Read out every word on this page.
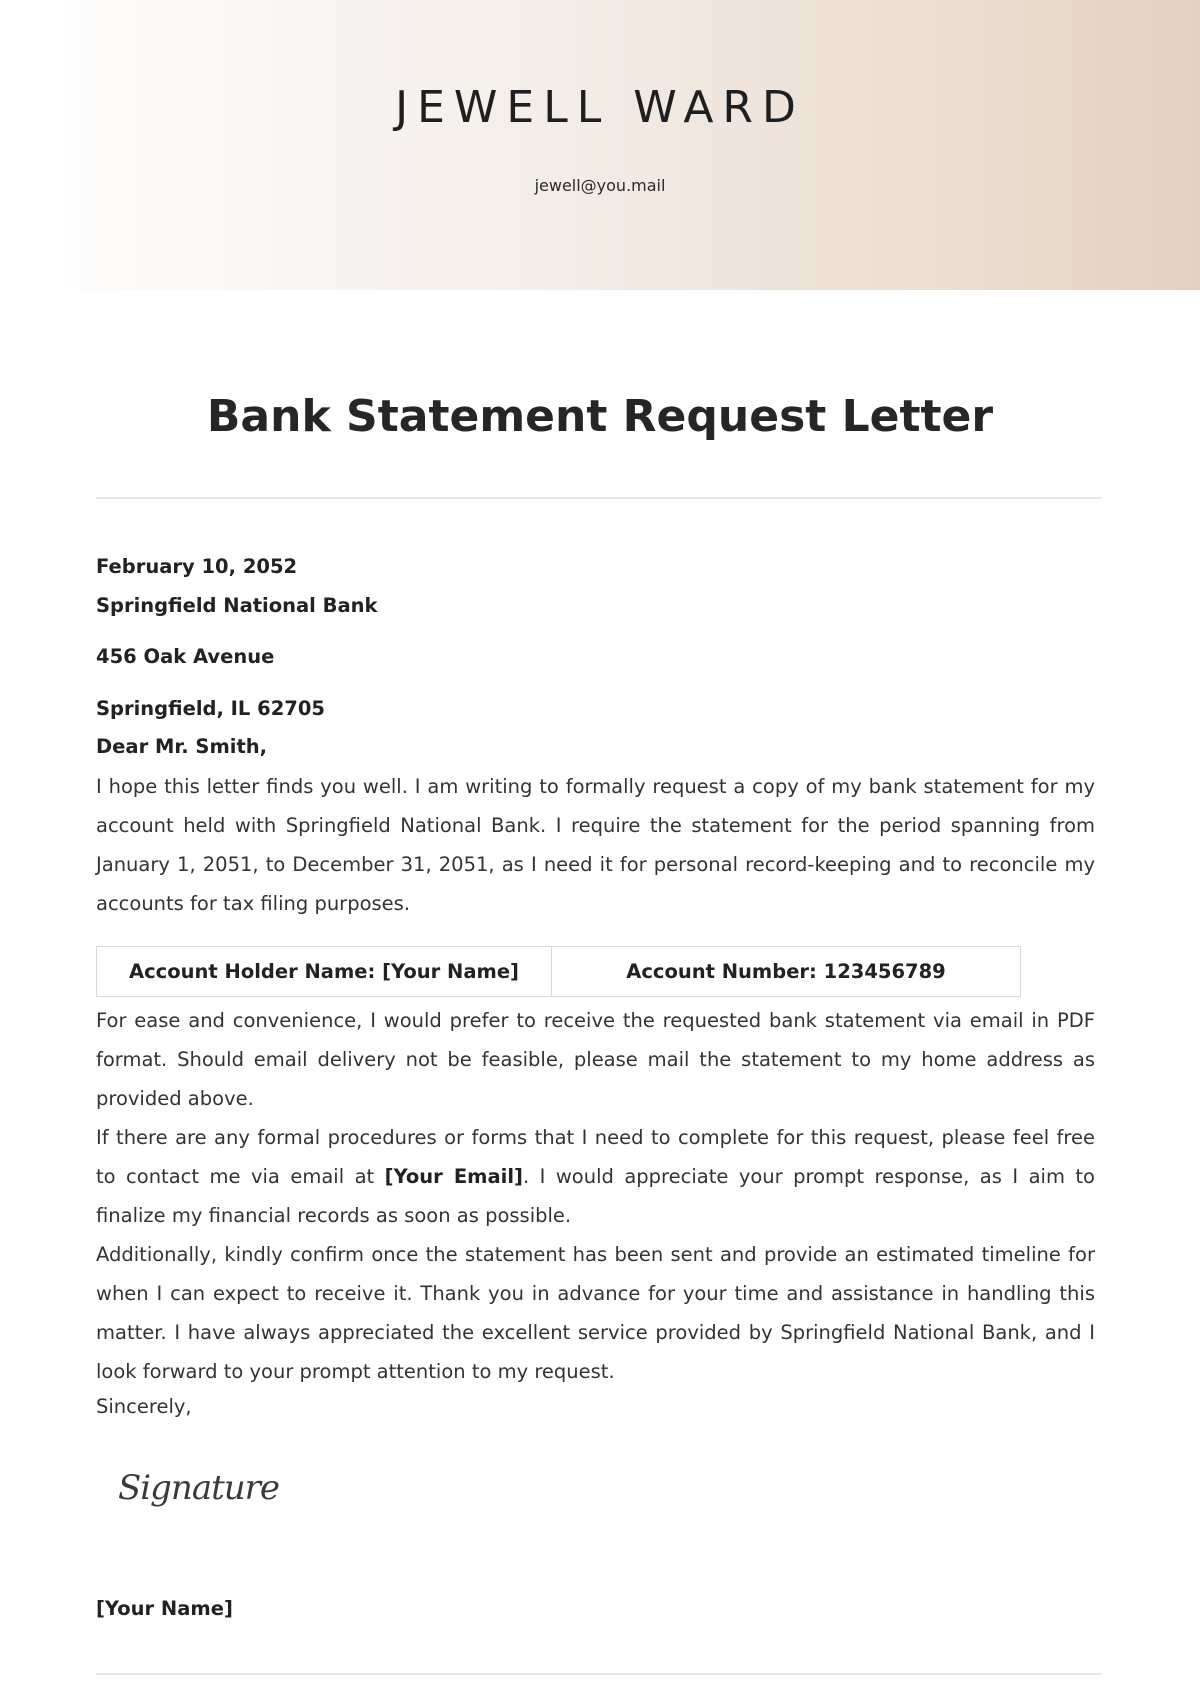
JEWELL WARD
jewell@you.mail
Bank Statement Request Letter
February 10, 2052
Springfield National Bank
456 Oak Avenue
Springfield, IL 62705
Dear Mr. Smith,

I hope this letter finds you well. I am writing to formally request a copy of my bank statement for my account held with Springfield National Bank. I require the statement for the period spanning from January 1, 2051, to December 31, 2051, as I need it for personal record-keeping and to reconcile my accounts for tax filing purposes.

Account Holder Name: [Your Name]	Account Number: 123456789

For ease and convenience, I would prefer to receive the requested bank statement via email in PDF format. Should email delivery not be feasible, please mail the statement to my home address as provided above.

If there are any formal procedures or forms that I need to complete for this request, please feel free to contact me via email at [Your Email]. I would appreciate your prompt response, as I aim to finalize my financial records as soon as possible.

Additionally, kindly confirm once the statement has been sent and provide an estimated timeline for when I can expect to receive it. Thank you in advance for your time and assistance in handling this matter. I have always appreciated the excellent service provided by Springfield National Bank, and I look forward to your prompt attention to my request.

Sincerely,
Signature
[Your Name]
